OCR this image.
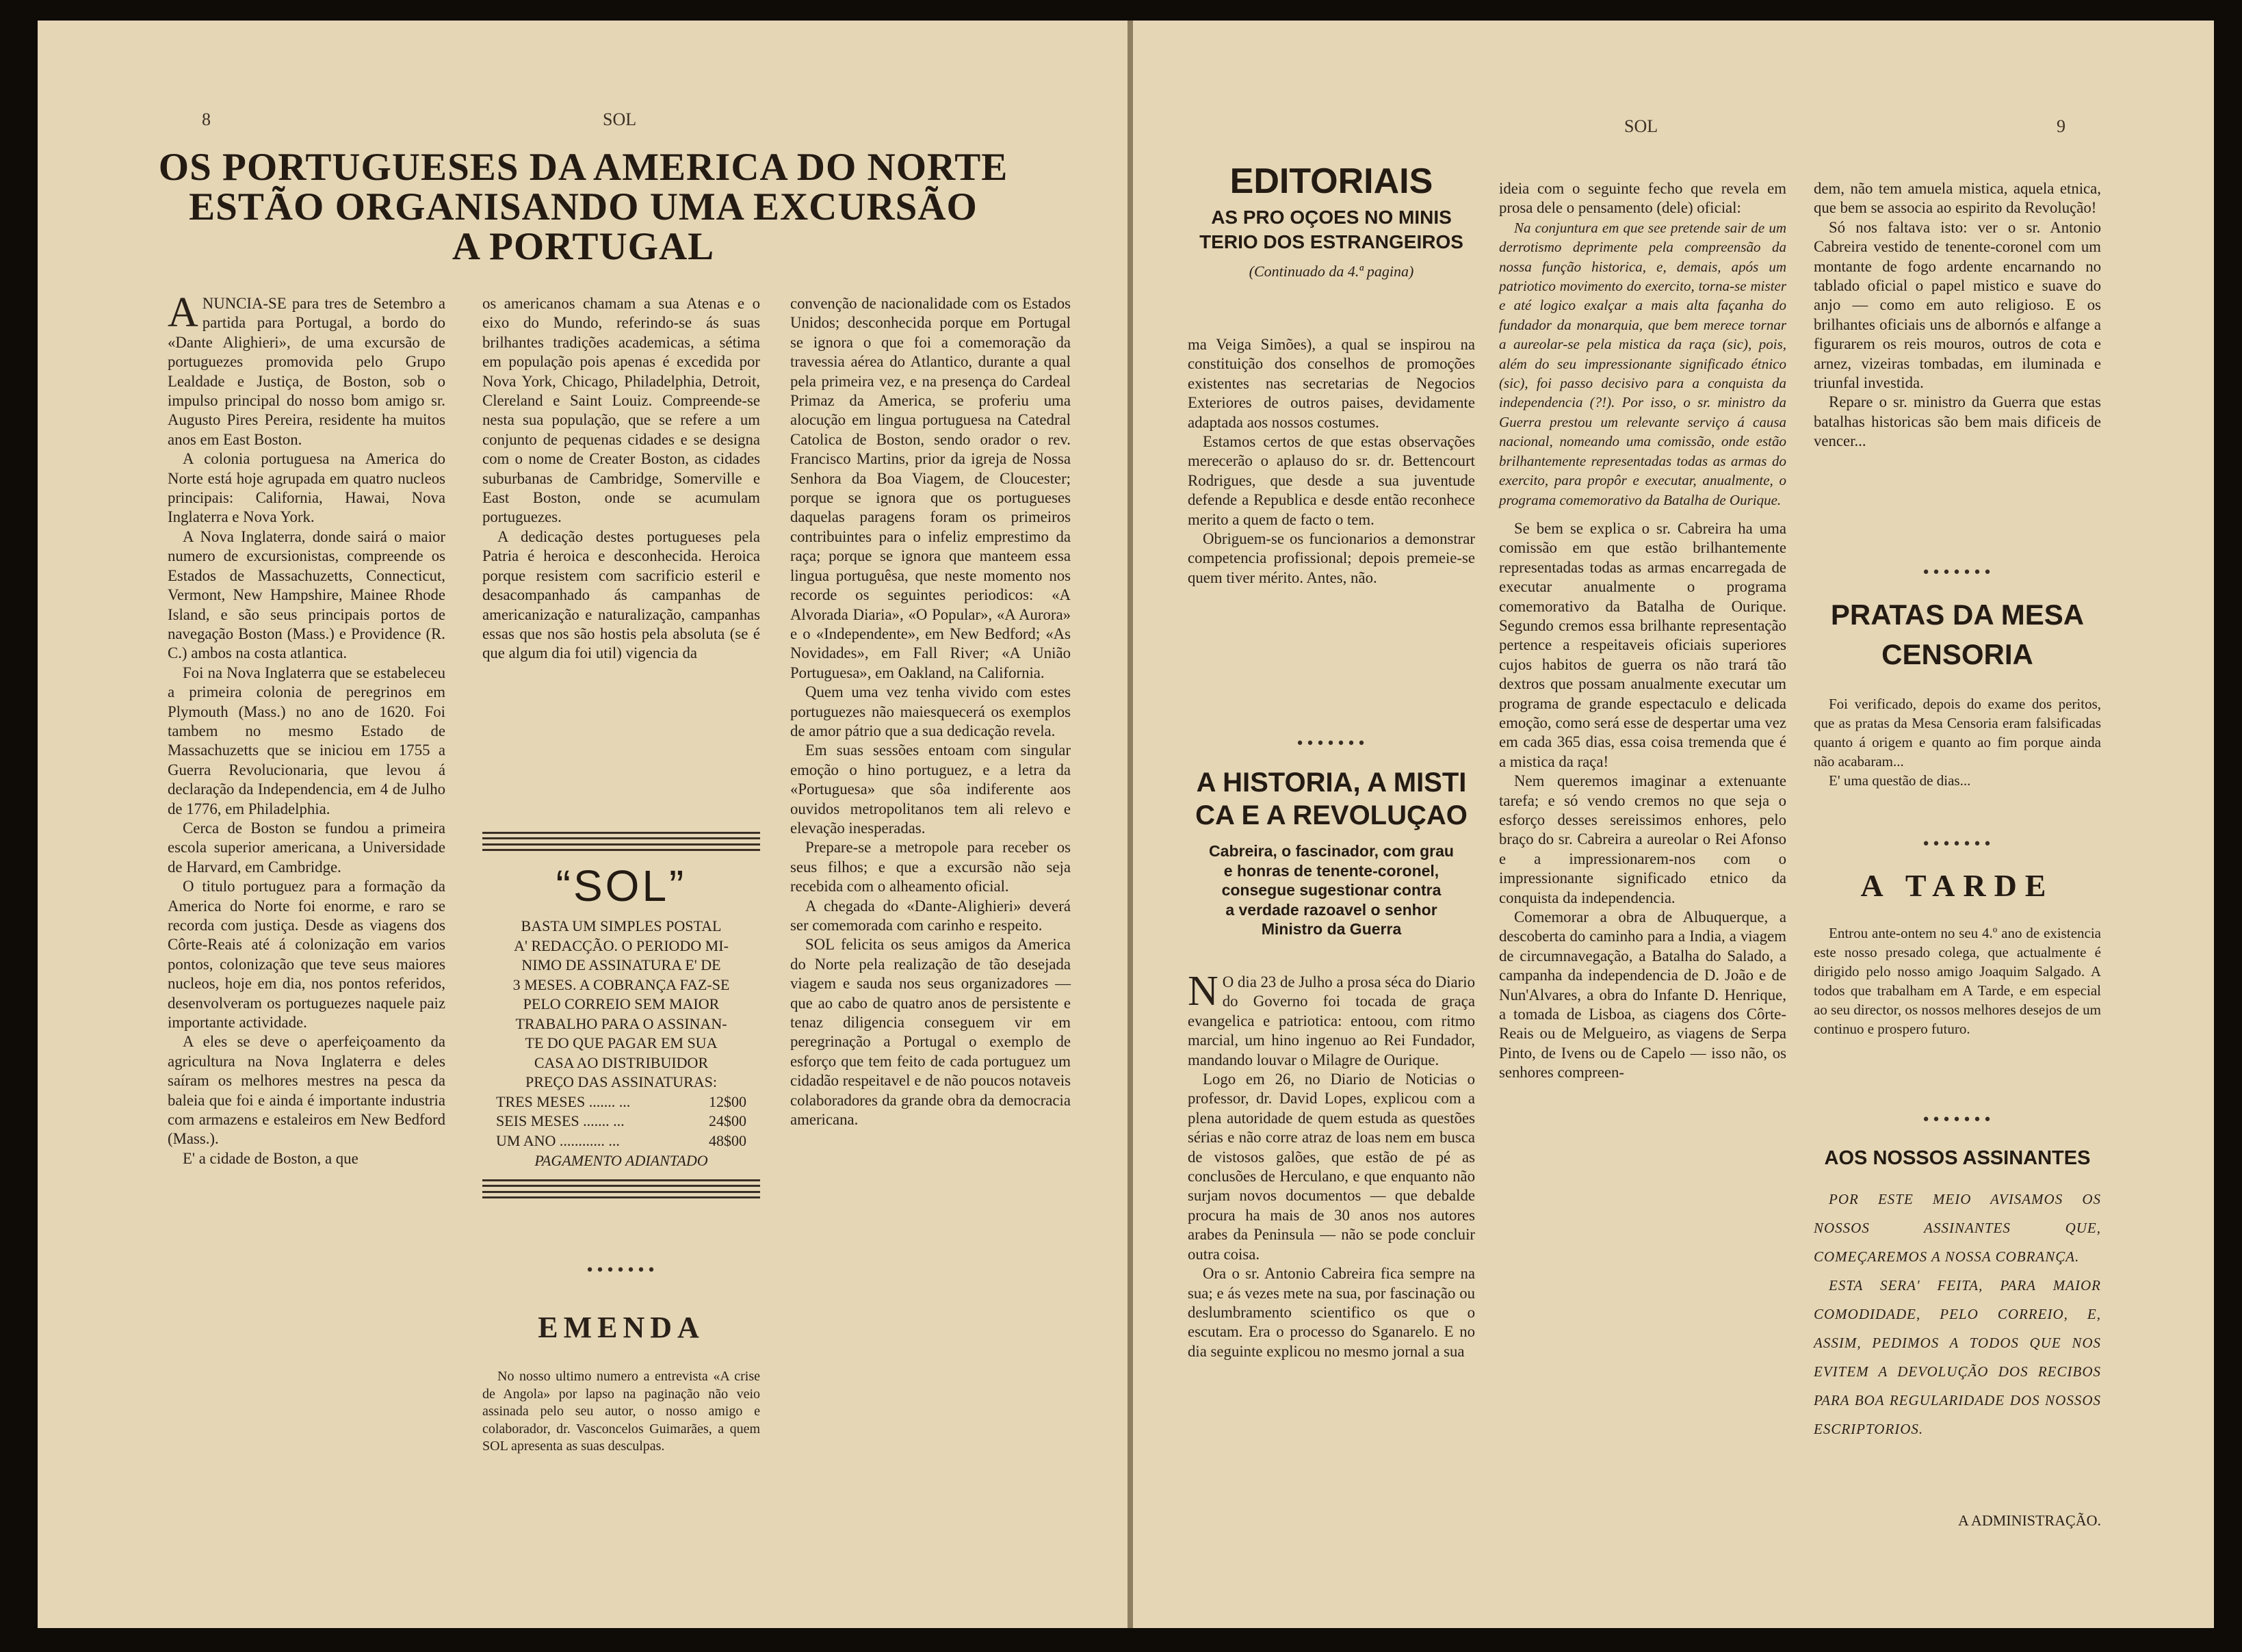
8	SOL
OS PORTUGUESES DA AMERICA DO NORTE
ESTÃO ORGANISANDO UMA EXCURSÃO
A PORTUGAL

ANUNCIA-SE para tres de Setembro a partida para Portugal, a bordo do «Dante Alighieri», de uma excursão de portuguezes promovida pelo Grupo Lealdade e Justiça, de Boston, sob o impulso principal do nosso bom amigo sr. Augusto Pires Pereira, residente ha muitos anos em East Boston.

A colonia portuguesa na America do Norte está hoje agrupada em quatro nucleos principais: California, Hawai, Nova Inglaterra e Nova York.

A Nova Inglaterra, donde sairá o maior numero de excursionistas, compreende os Estados de Massachuzetts, Connecticut, Vermont, New Hampshire, Mainee Rhode Island, e são seus principais portos de navegação Boston (Mass.) e Providence (R. C.) ambos na costa atlantica.

Foi na Nova Inglaterra que se estabeleceu a primeira colonia de peregrinos em Plymouth (Mass.) no ano de 1620. Foi tambem no mesmo Estado de Massachuzetts que se iniciou em 1755 a Guerra Revolucionaria, que levou á declaração da Independencia, em 4 de Julho de 1776, em Philadelphia.

Cerca de Boston se fundou a primeira escola superior americana, a Universidade de Harvard, em Cambridge.

O titulo portuguez para a formação da America do Norte foi enorme, e raro se recorda com justiça. Desde as viagens dos Côrte-Reais até á colonização em varios pontos, colonização que teve seus maiores nucleos, hoje em dia, nos pontos referidos, desenvolveram os portuguezes naquele paiz importante actividade.

A eles se deve o aperfeiçoamento da agricultura na Nova Inglaterra e deles saíram os melhores mestres na pesca da baleia que foi e ainda é importante industria com armazens e estaleiros em New Bedford (Mass.).

E' a cidade de Boston, a que

os americanos chamam a sua Atenas e o eixo do Mundo, referindo-se ás suas brilhantes tradições academicas, a sétima em população pois apenas é excedida por Nova York, Chicago, Philadelphia, Detroit, Clereland e Saint Louiz. Compreende-se nesta sua população, que se refere a um conjunto de pequenas cidades e se designa com o nome de Creater Boston, as cidades suburbanas de Cambridge, Somerville e East Boston, onde se acumulam portuguezes.

A dedicação destes portugueses pela Patria é heroica e desconhecida. Heroica porque resistem com sacrificio esteril e desacompanhado ás campanhas de americanização e naturalização, campanhas essas que nos são hostis pela absoluta (se é que algum dia foi util) vigencia da

“SOL”
BASTA UM SIMPLES POSTAL
A' REDACÇÃO. O PERIODO MI-
NIMO DE ASSINATURA E' DE
3 MESES. A COBRANÇA FAZ-SE
PELO CORREIO SEM MAIOR
TRABALHO PARA O ASSINAN-
TE DO QUE PAGAR EM SUA
CASA AO DISTRIBUIDOR
PREÇO DAS ASSINATURAS:
TRES MESES ....... ...	12$00
SEIS MESES ....... ...	24$00
UM ANO ............ ...	48$00
PAGAMENTO ADIANTADO
•••••••
EMENDA

No nosso ultimo numero a entrevista «A crise de Angola» por lapso na paginação não veio assinada pelo seu autor, o nosso amigo e colaborador, dr. Vasconcelos Guimarães, a quem SOL apresenta as suas desculpas.

convenção de nacionalidade com os Estados Unidos; desconhecida porque em Portugal se ignora o que foi a comemoração da travessia aérea do Atlantico, durante a qual pela primeira vez, e na presença do Cardeal Primaz da America, se proferiu uma alocução em lingua portuguesa na Catedral Catolica de Boston, sendo orador o rev. Francisco Martins, prior da igreja de Nossa Senhora da Boa Viagem, de Cloucester; porque se ignora que os portugueses daquelas paragens foram os primeiros contribuintes para o infeliz emprestimo da raça; porque se ignora que manteem essa lingua portuguêsa, que neste momento nos recorde os seguintes periodicos: «A Alvorada Diaria», «O Popular», «A Aurora» e o «Independente», em New Bedford; «As Novidades», em Fall River; «A União Portuguesa», em Oakland, na California.

Quem uma vez tenha vivido com estes portuguezes não maiesquecerá os exemplos de amor pátrio que a sua dedicação revela.

Em suas sessões entoam com singular emoção o hino portuguez, e a letra da «Portuguesa» que sôa indiferente aos ouvidos metropolitanos tem ali relevo e elevação inesperadas.

Prepare-se a metropole para receber os seus filhos; e que a excursão não seja recebida com o alheamento oficial.

A chegada do «Dante-Alighieri» deverá ser comemorada com carinho e respeito.

SOL felicita os seus amigos da America do Norte pela realização de tão desejada viagem e sauda nos seus organizadores — que ao cabo de quatro anos de persistente e tenaz diligencia conseguem vir em peregrinação a Portugal o exemplo de esforço que tem feito de cada portuguez um cidadão respeitavel e de não poucos notaveis colaboradores da grande obra da democracia americana.

SOL	9
EDITORIAIS
AS PRO OÇOES NO MINIS
TERIO DOS ESTRANGEIROS
(Continuado da 4.ª pagina)

ma Veiga Simões), a qual se inspirou na constituição dos conselhos de promoções existentes nas secretarias de Negocios Exteriores de outros paises, devidamente adaptada aos nossos costumes.

Estamos certos de que estas observações merecerão o aplauso do sr. dr. Bettencourt Rodrigues, que desde a sua juventude defende a Republica e desde então reconhece merito a quem de facto o tem.

Obriguem-se os funcionarios a demonstrar competencia profissional; depois premeie-se quem tiver mérito. Antes, não.

•••••••
A HISTORIA, A MISTI
CA E A REVOLUÇAO
Cabreira, o fascinador, com grau
e honras de tenente-coronel,
consegue sugestionar contra
a verdade razoavel o senhor
Ministro da Guerra

N O dia 23 de Julho a prosa séca do Diario do Governo foi tocada de graça evangelica e patriotica: entoou, com ritmo marcial, um hino ingenuo ao Rei Fundador, mandando louvar o Milagre de Ourique.

Logo em 26, no Diario de Noticias o professor, dr. David Lopes, explicou com a plena autoridade de quem estuda as questões sérias e não corre atraz de loas nem em busca de vistosos galões, que estão de pé as conclusões de Herculano, e que enquanto não surjam novos documentos — que debalde procura ha mais de 30 anos nos autores arabes da Peninsula — não se pode concluir outra coisa.

Ora o sr. Antonio Cabreira fica sempre na sua; e ás vezes mete na sua, por fascinação ou deslumbramento scientifico os que o escutam. Era o processo do Sganarelo. E no dia seguinte explicou no mesmo jornal a sua

ideia com o seguinte fecho que revela em prosa dele o pensamento (dele) oficial:

Na conjuntura em que see pretende sair de um derrotismo deprimente pela compreensão da nossa função historica, e, demais, após um patriotico movimento do exercito, torna-se mister e até logico exalçar a mais alta façanha do fundador da monarquia, que bem merece tornar a aureolar-se pela mistica da raça (sic), pois, além do seu impressionante significado étnico (sic), foi passo decisivo para a conquista da independencia (?!). Por isso, o sr. ministro da Guerra prestou um relevante serviço á causa nacional, nomeando uma comissão, onde estão brilhantemente representadas todas as armas do exercito, para propôr e executar, anualmente, o programa comemorativo da Batalha de Ourique.

Se bem se explica o sr. Cabreira ha uma comissão em que estão brilhantemente representadas todas as armas encarregada de executar anualmente o programa comemorativo da Batalha de Ourique. Segundo cremos essa brilhante representação pertence a respeitaveis oficiais superiores cujos habitos de guerra os não trará tão dextros que possam anualmente executar um programa de grande espectaculo e delicada emoção, como será esse de despertar uma vez em cada 365 dias, essa coisa tremenda que é a mistica da raça!

Nem queremos imaginar a extenuante tarefa; e só vendo cremos no que seja o esforço desses sereissimos enhores, pelo braço do sr. Cabreira a aureolar o Rei Afonso e a impressionarem-nos com o impressionante significado etnico da conquista da independencia.

Comemorar a obra de Albuquerque, a descoberta do caminho para a India, a viagem de circumnavegação, a Batalha do Salado, a campanha da independencia de D. João e de Nun'Alvares, a obra do Infante D. Henrique, a tomada de Lisboa, as ciagens dos Côrte-Reais ou de Melgueiro, as viagens de Serpa Pinto, de Ivens ou de Capelo — isso não, os senhores compreen-

dem, não tem amuela mistica, aquela etnica, que bem se associa ao espirito da Revolução!

Só nos faltava isto: ver o sr. Antonio Cabreira vestido de tenente-coronel com um montante de fogo ardente encarnando no tablado oficial o papel mistico e suave do anjo — como em auto religioso. E os brilhantes oficiais uns de albornós e alfange a figurarem os reis mouros, outros de cota e arnez, vizeiras tombadas, em iluminada e triunfal investida.

Repare o sr. ministro da Guerra que estas batalhas historicas são bem mais dificeis de vencer...

•••••••
PRATAS DA MESA
CENSORIA

Foi verificado, depois do exame dos peritos, que as pratas da Mesa Censoria eram falsificadas quanto á origem e quanto ao fim porque ainda não acabaram...

E' uma questão de dias...

•••••••
A TARDE

Entrou ante-ontem no seu 4.º ano de existencia este nosso presado colega, que actualmente é dirigido pelo nosso amigo Joaquim Salgado. A todos que trabalham em A Tarde, e em especial ao seu director, os nossos melhores desejos de um continuo e prospero futuro.

•••••••
AOS NOSSOS ASSINANTES

POR ESTE MEIO AVISAMOS OS NOSSOS ASSINANTES QUE, COMEÇAREMOS A NOSSA COBRANÇA.

ESTA SERA' FEITA, PARA MAIOR COMODIDADE, PELO CORREIO, E, ASSIM, PEDIMOS A TODOS QUE NOS EVITEM A DEVOLUÇÃO DOS RECIBOS PARA BOA REGULARIDADE DOS NOSSOS ESCRIPTORIOS.

A ADMINISTRAÇÃO.
